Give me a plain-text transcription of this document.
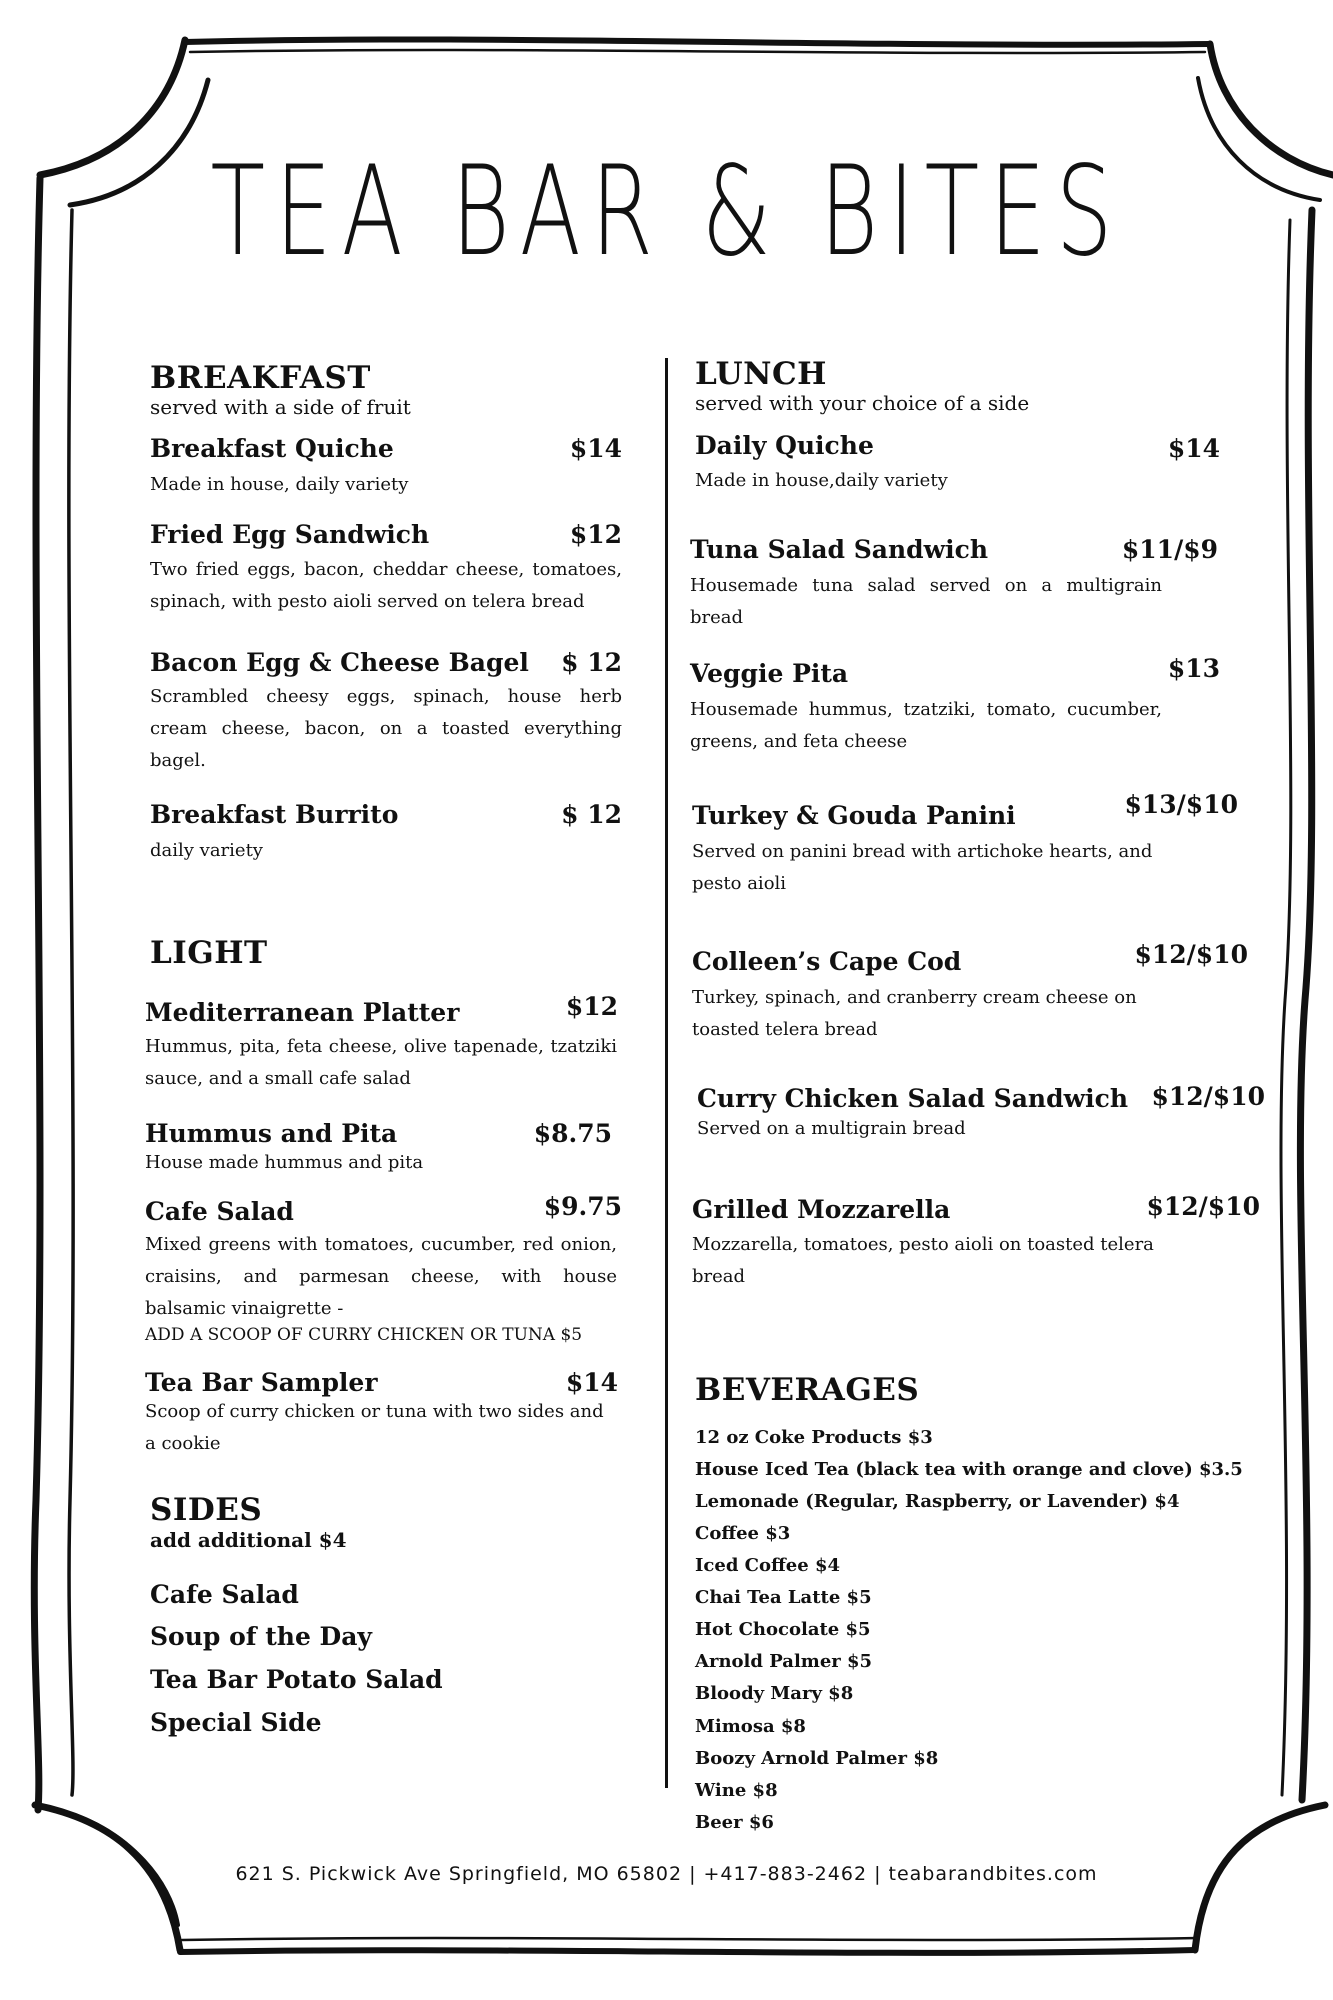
TEA BAR & BITES
BREAKFAST
served with a side of fruit
Breakfast Quiche	$14
Made in house, daily variety
Fried Egg Sandwich	$12
Two fried eggs, bacon, cheddar cheese, tomatoes, spinach, with pesto aioli served on telera bread
Bacon Egg & Cheese Bagel	$ 12
Scrambled cheesy eggs, spinach, house herb cream cheese, bacon, on a toasted everything bagel.
Breakfast Burrito	$ 12
daily variety
LIGHT
Mediterranean Platter	$12
Hummus, pita, feta cheese, olive tapenade, tzatziki sauce, and a small cafe salad
Hummus and Pita	$8.75
House made hummus and pita
Cafe Salad	$9.75
Mixed greens with tomatoes, cucumber, red onion, craisins, and parmesan cheese, with house balsamic vinaigrette -
ADD A SCOOP OF CURRY CHICKEN OR TUNA $5
Tea Bar Sampler	$14
Scoop of curry chicken or tuna with two sides and a cookie
SIDES
add additional $4
Cafe Salad
Soup of the Day
Tea Bar Potato Salad
Special Side
LUNCH
served with your choice of a side
Daily Quiche	$14
Made in house,daily variety
Tuna Salad Sandwich	$11/$9
Housemade tuna salad served on a multigrain bread
Veggie Pita	$13
Housemade hummus, tzatziki, tomato, cucumber, greens, and feta cheese
Turkey & Gouda Panini	$13/$10
Served on panini bread with artichoke hearts, and pesto aioli
Colleen’s Cape Cod	$12/$10
Turkey, spinach, and cranberry cream cheese on toasted telera bread
Curry Chicken Salad Sandwich $12/$10
Served on a multigrain bread
Grilled Mozzarella	$12/$10
Mozzarella, tomatoes, pesto aioli on toasted telera bread
BEVERAGES
12 oz Coke Products $3
House Iced Tea (black tea with orange and clove) $3.5
Lemonade (Regular, Raspberry, or Lavender) $4
Coffee $3
Iced Coffee $4
Chai Tea Latte $5
Hot Chocolate $5
Arnold Palmer $5
Bloody Mary $8
Mimosa $8
Boozy Arnold Palmer $8
Wine $8
Beer $6
621 S. Pickwick Ave Springfield, MO 65802 | +417-883-2462 | teabarandbites.com
